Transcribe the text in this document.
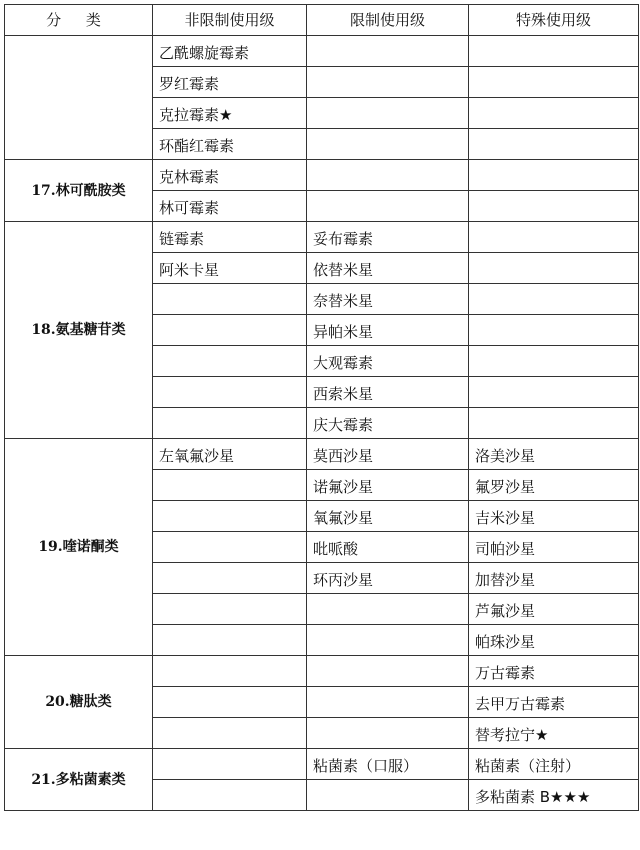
分 类	非限制使用级	限制使用级	特殊使用级
	乙酰螺旋霉素		
	罗红霉素		
	克拉霉素★		
	环酯红霉素		
17.林可酰胺类	克林霉素		
	林可霉素		
18.氨基糖苷类	链霉素	妥布霉素	
	阿米卡星	依替米星	
		奈替米星	
		异帕米星	
		大观霉素	
		西索米星	
		庆大霉素	
19.喹诺酮类	左氧氟沙星	莫西沙星	洛美沙星
		诺氟沙星	氟罗沙星
		氧氟沙星	吉米沙星
		吡哌酸	司帕沙星
		环丙沙星	加替沙星
			芦氟沙星
			帕珠沙星
20.糖肽类			万古霉素
			去甲万古霉素
			替考拉宁★
21.多粘菌素类		粘菌素（口服）	粘菌素（注射）
			多粘菌素 B★★★
